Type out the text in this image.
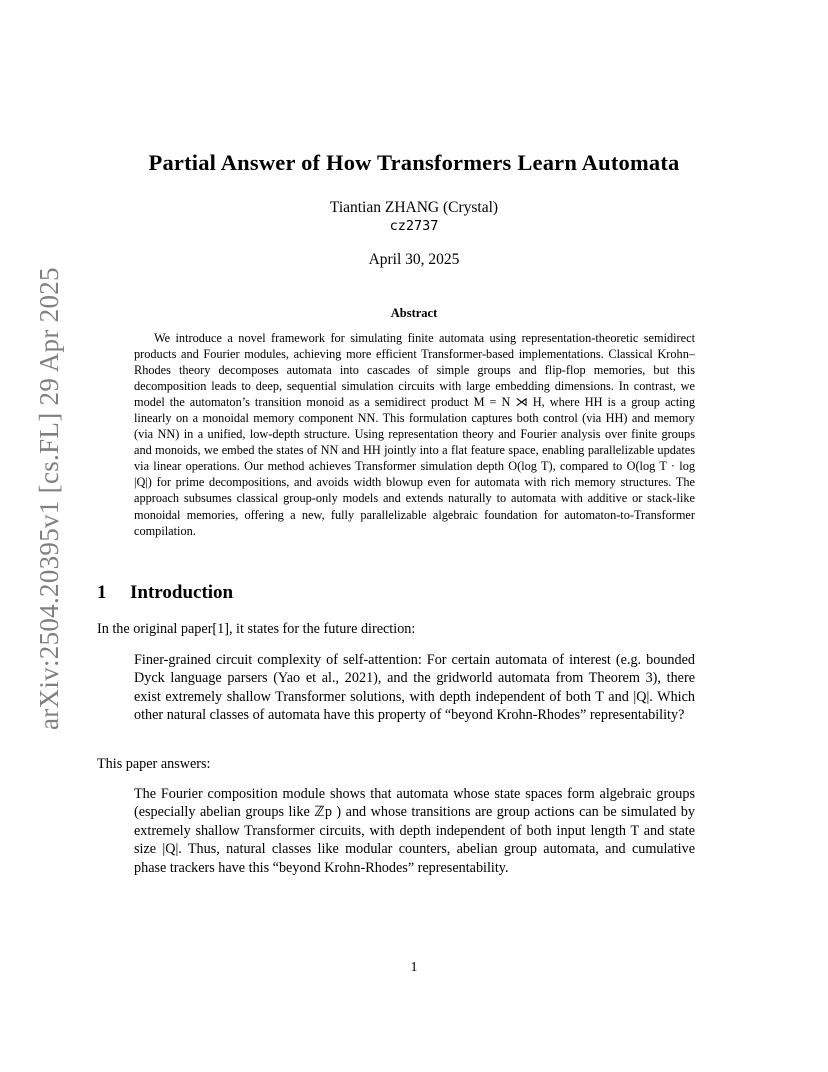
arXiv:2504.20395v1 [cs.FL] 29 Apr 2025
Partial Answer of How Transformers Learn Automata
Tiantian ZHANG (Crystal)
cz2737
April 30, 2025
Abstract

We introduce a novel framework for simulating finite automata using representation-theoretic semidirect products and Fourier modules, achieving more efficient Transformer-based implementations. Classical Krohn–Rhodes theory decomposes automata into cascades of simple groups and flip-flop memories, but this decomposition leads to deep, sequential simulation circuits with large embedding dimensions. In contrast, we model the automaton’s transition monoid as a semidirect product M = N ⋊ H, where HH is a group acting linearly on a monoidal memory component NN. This formulation captures both control (via HH) and memory (via NN) in a unified, low-depth structure. Using representation theory and Fourier analysis over finite groups and monoids, we embed the states of NN and HH jointly into a flat feature space, enabling parallelizable updates via linear operations. Our method achieves Transformer simulation depth O(log T), compared to O(log T · log |Q|) for prime decompositions, and avoids width blowup even for automata with rich memory structures. The approach subsumes classical group-only models and extends naturally to automata with additive or stack-like monoidal memories, offering a new, fully parallelizable algebraic foundation for automaton-to-Transformer compilation.

1 Introduction

In the original paper[1], it states for the future direction:

Finer-grained circuit complexity of self-attention: For certain automata of interest (e.g. bounded Dyck language parsers (Yao et al., 2021), and the gridworld automata from Theorem 3), there exist extremely shallow Transformer solutions, with depth independent of both T and |Q|. Which other natural classes of automata have this property of “beyond Krohn-Rhodes” representability?

This paper answers:

The Fourier composition module shows that automata whose state spaces form algebraic groups (especially abelian groups like ℤp ) and whose transitions are group actions can be simulated by extremely shallow Transformer circuits, with depth independent of both input length T and state size |Q|. Thus, natural classes like modular counters, abelian group automata, and cumulative phase trackers have this “beyond Krohn-Rhodes” representability.

1
